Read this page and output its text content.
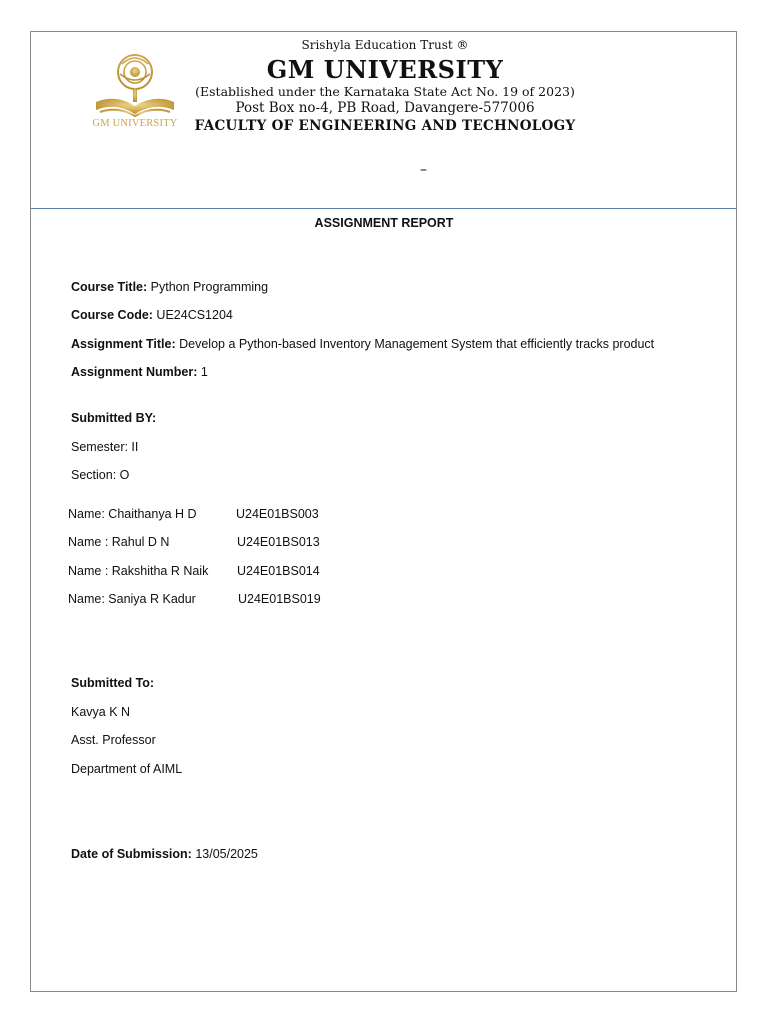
GM UNIVERSITY
Srishyla Education Trust ®
GM UNIVERSITY
(Established under the Karnataka State Act No. 19 of 2023)
Post Box no-4, PB Road, Davangere-577006
FACULTY OF ENGINEERING AND TECHNOLOGY
–
ASSIGNMENT REPORT
Course Title: Python Programming
Course Code: UE24CS1204
Assignment Title: Develop a Python-based Inventory Management System that efficiently tracks product
Assignment Number: 1
Submitted BY:
Semester: II
Section: O
Name: Chaithanya H D	U24E01BS003
Name : Rahul D N	U24E01BS013
Name : Rakshitha R Naik U24E01BS014
Name: Saniya R Kadur	U24E01BS019
Submitted To:
Kavya K N
Asst. Professor
Department of AIML
Date of Submission: 13/05/2025
